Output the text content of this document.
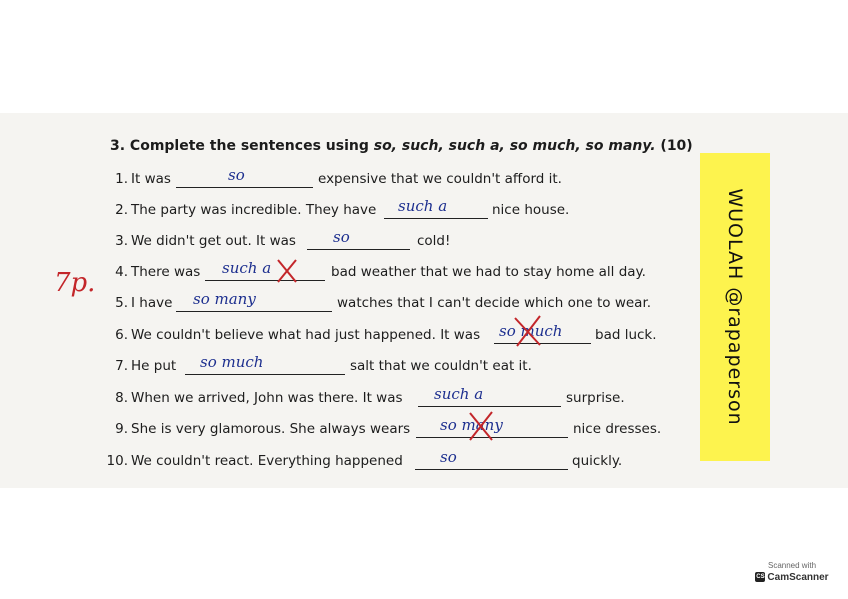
3. Complete the sentences using so, such, such a, so much, so many. (10)
1. It was	so	expensive that we couldn't afford it.
2. The party was incredible. They have such a	nice house.
3. We didn't get out. It was so	cold!
4. There was such a	bad weather that we had to stay home all day.
5. I have so many	watches that I can't decide which one to wear.
6. We couldn't believe what had just happened. It was so much bad luck.
7. He put so much	salt that we couldn't eat it.
8. When we arrived, John was there. It was such a	surprise.
9. She is very glamorous. She always wears so many	nice dresses.
10. We couldn't react. Everything happened so	quickly.
7p.	WUOLAH @rapaperson
Scanned with
CS CamScanner
